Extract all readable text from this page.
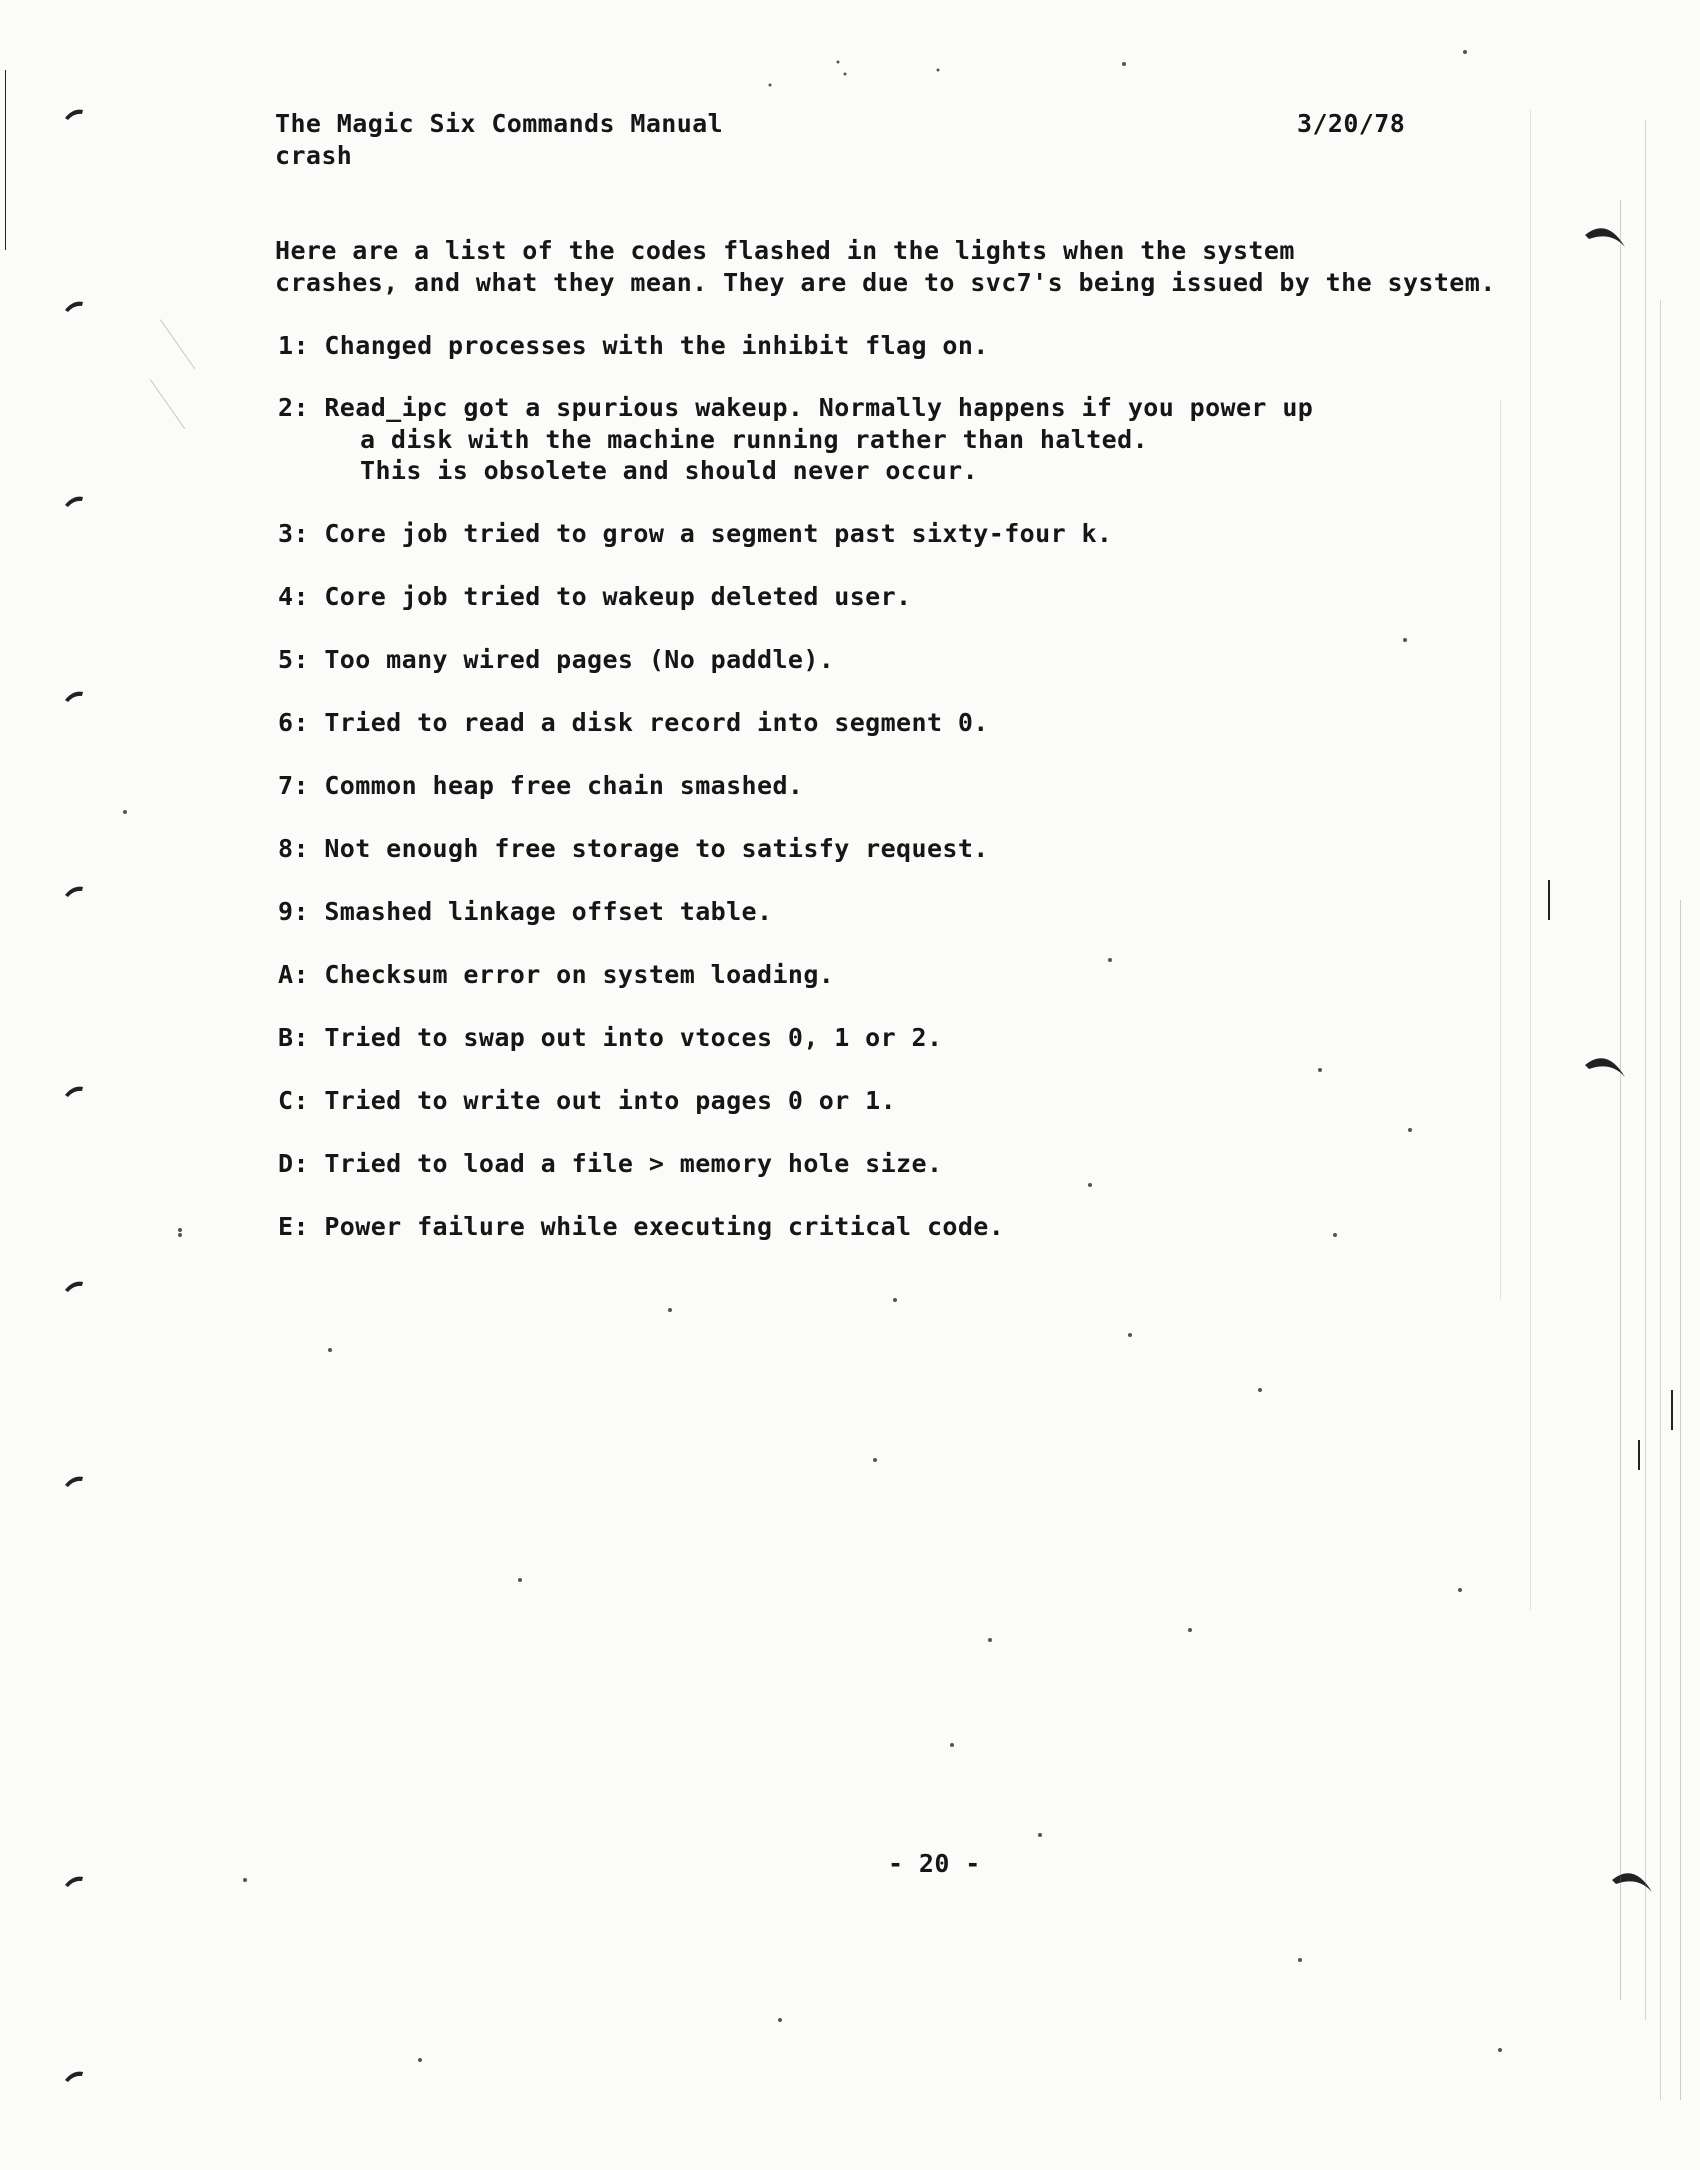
The Magic Six Commands Manual	3/20/78
crash
Here are a list of the codes flashed in the lights when the system
crashes, and what they mean. They are due to svc7's being issued by the system.
1: Changed processes with the inhibit flag on.
2: Read_ipc got a spurious wakeup. Normally happens if you power up
a disk with the machine running rather than halted.
This is obsolete and should never occur.
3: Core job tried to grow a segment past sixty-four k.
4: Core job tried to wakeup deleted user.
5: Too many wired pages (No paddle).
6: Tried to read a disk record into segment 0.
7: Common heap free chain smashed.
8: Not enough free storage to satisfy request.
9: Smashed linkage offset table.
A: Checksum error on system loading.
B: Tried to swap out into vtoces 0, 1 or 2.
C: Tried to write out into pages 0 or 1.
D: Tried to load a file > memory hole size.
E: Power failure while executing critical code.
- 20 -
